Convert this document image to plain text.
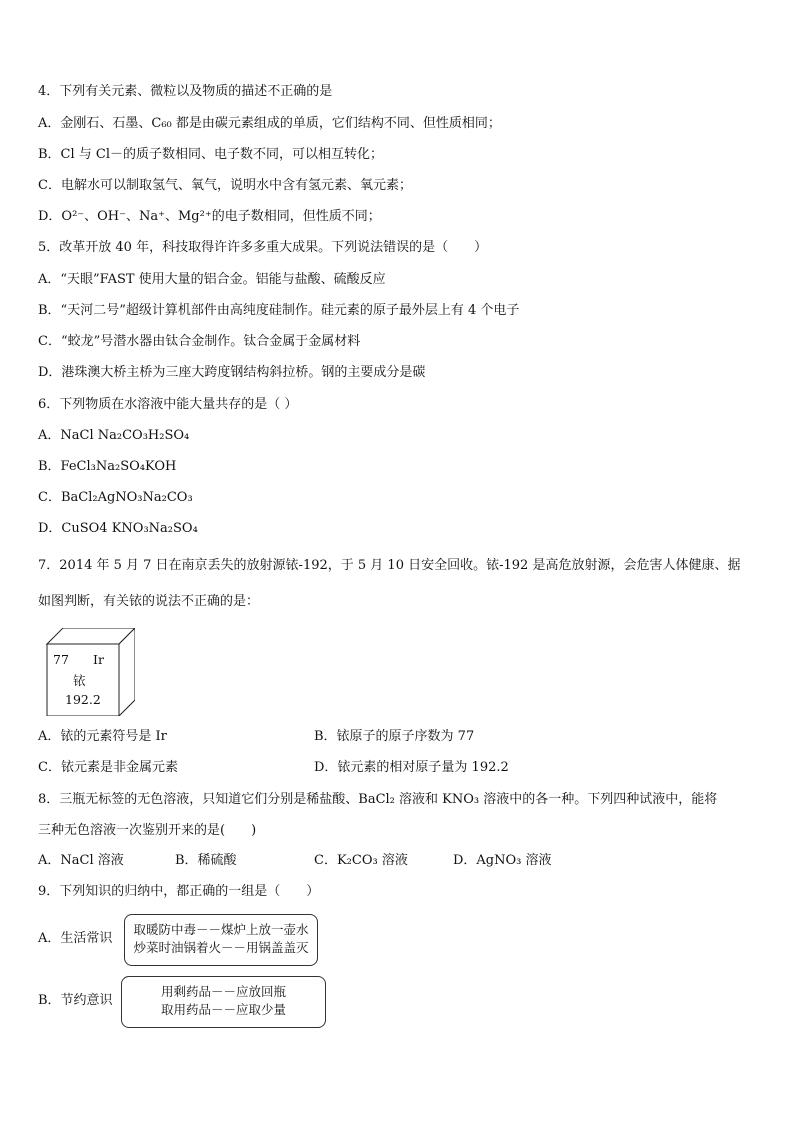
4．下列有关元素、微粒以及物质的描述不正确的是
A．金刚石、石墨、C₆₀ 都是由碳元素组成的单质，它们结构不同、但性质相同；
B．Cl 与 Cl－的质子数相同、电子数不同，可以相互转化；
C．电解水可以制取氢气、氧气，说明水中含有氢元素、氧元素；
D．O²⁻、OH⁻、Na⁺、Mg²⁺的电子数相同，但性质不同；
5．改革开放 40 年，科技取得许许多多重大成果。下列说法错误的是（　　）
A．“天眼”FAST 使用大量的铝合金。铝能与盐酸、硫酸反应
B．“天河二号”超级计算机部件由高纯度硅制作。硅元素的原子最外层上有 4 个电子
C．“蛟龙”号潜水器由钛合金制作。钛合金属于金属材料
D．港珠澳大桥主桥为三座大跨度钢结构斜拉桥。钢的主要成分是碳
6．下列物质在水溶液中能大量共存的是（ ）
A．NaCl Na₂CO₃H₂SO₄
B．FeCl₃Na₂SO₄KOH
C．BaCl₂AgNO₃Na₂CO₃
D．CuSO4 KNO₃Na₂SO₄
7．2014 年 5 月 7 日在南京丢失的放射源铱-192，于 5 月 10 日安全回收。铱-192 是高危放射源，会危害人体健康、据
如图判断，有关铱的说法不正确的是：
77 Ir
铱
192.2
A．铱的元素符号是 Ir	B．铱原子的原子序数为 77
C．铱元素是非金属元素	D．铱元素的相对原子量为 192.2
8．三瓶无标签的无色溶液，只知道它们分别是稀盐酸、BaCl₂ 溶液和 KNO₃ 溶液中的各一种。下列四种试液中，能将
三种无色溶液一次鉴别开来的是(　　)
A．NaCl 溶液	B．稀硫酸	C．K₂CO₃ 溶液	D．AgNO₃ 溶液
9．下列知识的归纳中，都正确的一组是（　　）
A．生活常识
取暖防中毒－－煤炉上放一壶水
炒菜时油锅着火－－用锅盖盖灭
B．节约意识
用剩药品－－应放回瓶
取用药品－－应取少量
